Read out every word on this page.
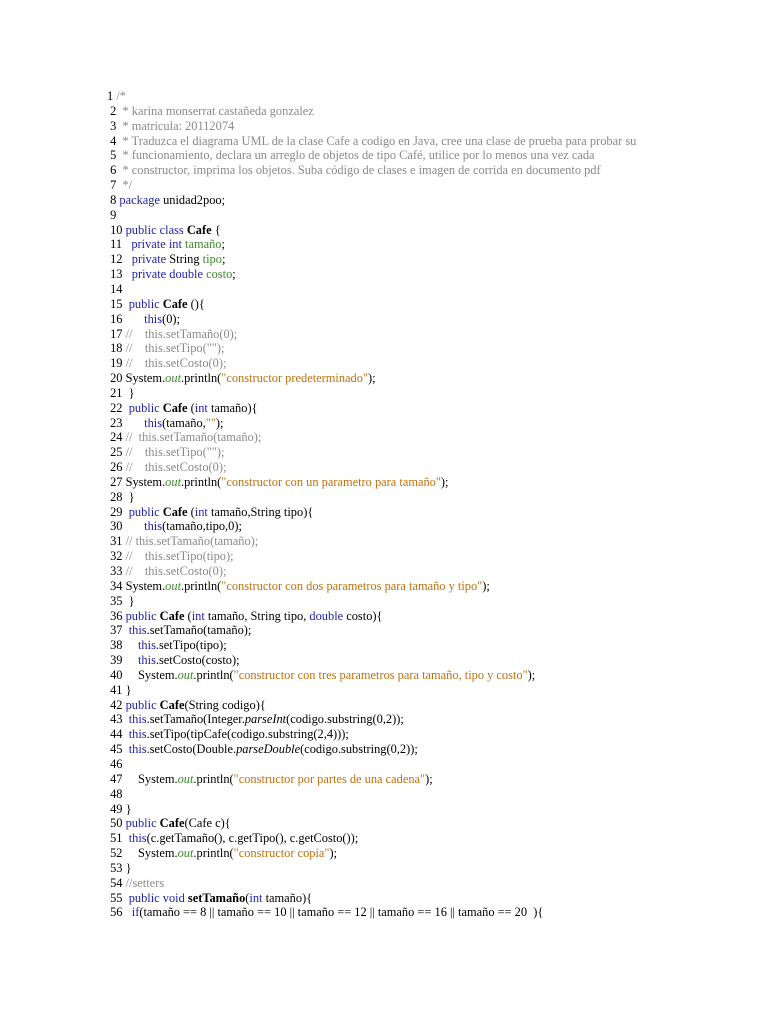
1 /*
2  * karina monserrat castañeda gonzalez
3  * matricula: 20112074
4  * Traduzca el diagrama UML de la clase Cafe a codigo en Java, cree una clase de prueba para probar su
5  * funcionamiento, declara un arreglo de objetos de tipo Café, utilice por lo menos una vez cada
6  * constructor, imprima los objetos. Suba código de clases e imagen de corrida en documento pdf
7  */
8 package unidad2poo;
9
10 public class Cafe {
11   private int tamaño;
12   private String tipo;
13   private double costo;
14
15  public Cafe (){
16       this(0);
17 //    this.setTamaño(0);
18 //    this.setTipo("");
19 //    this.setCosto(0);
20 System.out.println("constructor predeterminado");
21  }
22  public Cafe (int tamaño){
23       this(tamaño,"");
24 //  this.setTamaño(tamaño);
25 //    this.setTipo("");
26 //    this.setCosto(0);
27 System.out.println("constructor con un parametro para tamaño");
28  }
29  public Cafe (int tamaño,String tipo){
30       this(tamaño,tipo,0);
31 // this.setTamaño(tamaño);
32 //    this.setTipo(tipo);
33 //    this.setCosto(0);
34 System.out.println("constructor con dos parametros para tamaño y tipo");
35  }
36 public Cafe (int tamaño, String tipo, double costo){
37  this.setTamaño(tamaño);
38     this.setTipo(tipo);
39     this.setCosto(costo);
40     System.out.println("constructor con tres parametros para tamaño, tipo y costo");
41 }
42 public Cafe(String codigo){
43  this.setTamaño(Integer.parseInt(codigo.substring(0,2));
44  this.setTipo(tipCafe(codigo.substring(2,4)));
45  this.setCosto(Double.parseDouble(codigo.substring(0,2));
46
47     System.out.println("constructor por partes de una cadena");
48
49 }
50 public Cafe(Cafe c){
51  this(c.getTamaño(), c.getTipo(), c.getCosto());
52     System.out.println("constructor copia");
53 }
54 //setters
55  public void setTamaño(int tamaño){
56   if(tamaño == 8 || tamaño == 10 || tamaño == 12 || tamaño == 16 || tamaño == 20  ){
